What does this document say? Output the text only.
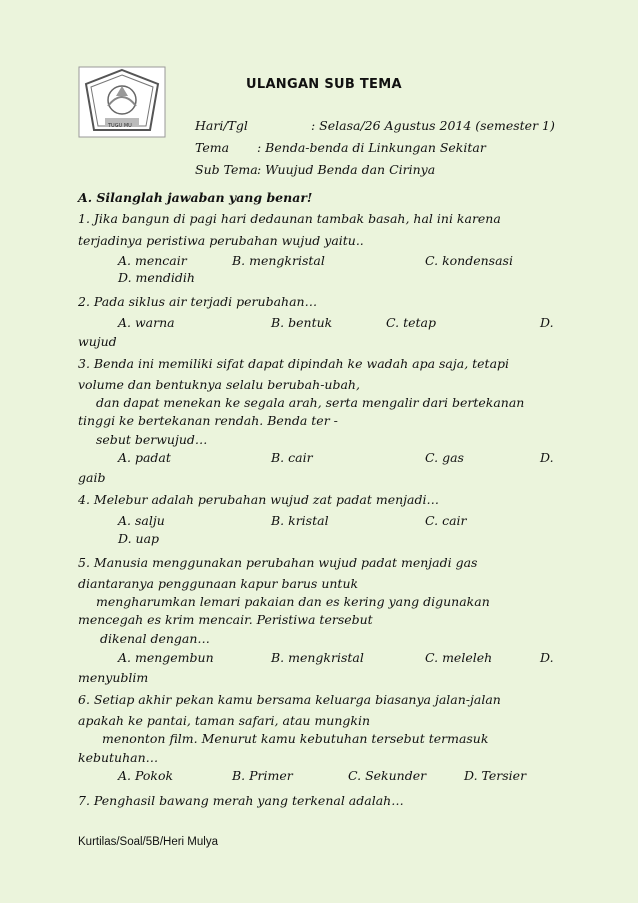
TUGU MU
ULANGAN SUB TEMA
Hari/Tgl	: Selasa/26 Agustus 2014 (semester 1)
Tema : Benda-benda di Linkungan Sekitar
Sub Tema : Wuujud Benda dan Cirinya
A. Silanglah jawaban yang benar!
1. Jika bangun di pagi hari dedaunan tambak basah, hal ini karena
terjadinya peristiwa perubahan wujud yaitu..
A. mencair	B. mengkristal	C. kondensasi
D. mendidih
2. Pada siklus air terjadi perubahan…
A. warna	B. bentuk	C. tetap	D.
wujud
3. Benda ini memiliki sifat dapat dipindah ke wadah apa saja, tetapi
volume dan bentuknya selalu berubah-ubah,
dan dapat menekan ke segala arah, serta mengalir dari bertekanan
tinggi ke bertekanan rendah. Benda ter -
sebut berwujud…
A. padat	B. cair	C. gas	D.
gaib
4. Melebur adalah perubahan wujud zat padat menjadi…
A. salju	B. kristal	C. cair
D. uap
5. Manusia menggunakan perubahan wujud padat menjadi gas
diantaranya penggunaan kapur barus untuk
mengharumkan lemari pakaian dan es kering yang digunakan
mencegah es krim mencair. Peristiwa tersebut
dikenal dengan…
A. mengembun	B. mengkristal	C. meleleh	D.
menyublim
6. Setiap akhir pekan kamu bersama keluarga biasanya jalan-jalan
apakah ke pantai, taman safari, atau mungkin
menonton film. Menurut kamu kebutuhan tersebut termasuk
kebutuhan…
A. Pokok	B. Primer	C. Sekunder	D. Tersier
7. Penghasil bawang merah yang terkenal adalah…
Kurtilas/Soal/5B/Heri Mulya
